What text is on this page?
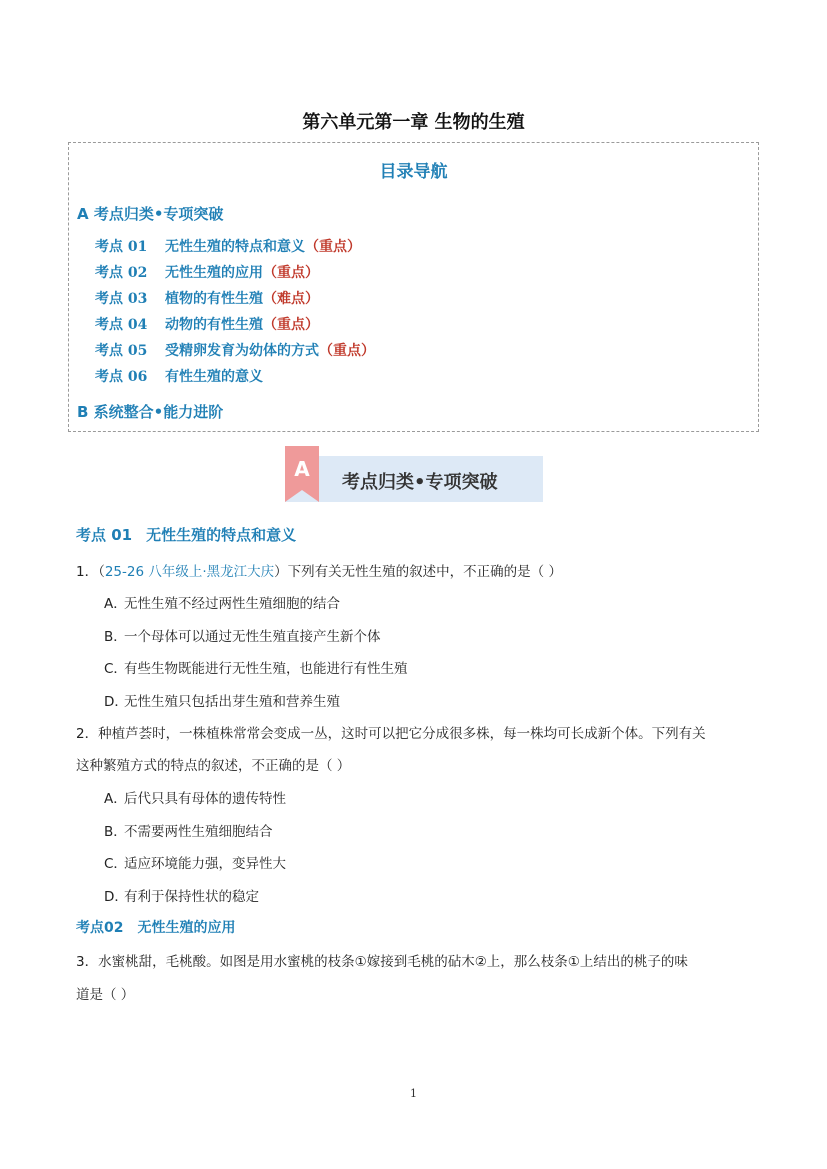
第六单元第一章 生物的生殖
目录导航
A 考点归类•专项突破
考点 01 无性生殖的特点和意义（重点）
考点 02 无性生殖的应用（重点）
考点 03 植物的有性生殖（难点）
考点 04 动物的有性生殖（重点）
考点 05 受精卵发育为幼体的方式（重点）
考点 06 有性生殖的意义
B 系统整合•能力进阶
A
考点归类•专项突破
考点 01 无性生殖的特点和意义
1．（25-26 八年级上·黑龙江大庆）下列有关无性生殖的叙述中，不正确的是（ ）
A．无性生殖不经过两性生殖细胞的结合
B．一个母体可以通过无性生殖直接产生新个体
C．有些生物既能进行无性生殖，也能进行有性生殖
D．无性生殖只包括出芽生殖和营养生殖
2．种植芦荟时，一株植株常常会变成一丛，这时可以把它分成很多株，每一株均可长成新个体。下列有关
这种繁殖方式的特点的叙述，不正确的是（ ）
A．后代只具有母体的遗传特性
B．不需要两性生殖细胞结合
C．适应环境能力强，变异性大
D．有利于保持性状的稳定
考点02 无性生殖的应用
3．水蜜桃甜，毛桃酸。如图是用水蜜桃的枝条①嫁接到毛桃的砧木②上，那么枝条①上结出的桃子的味
道是（ ）
1
